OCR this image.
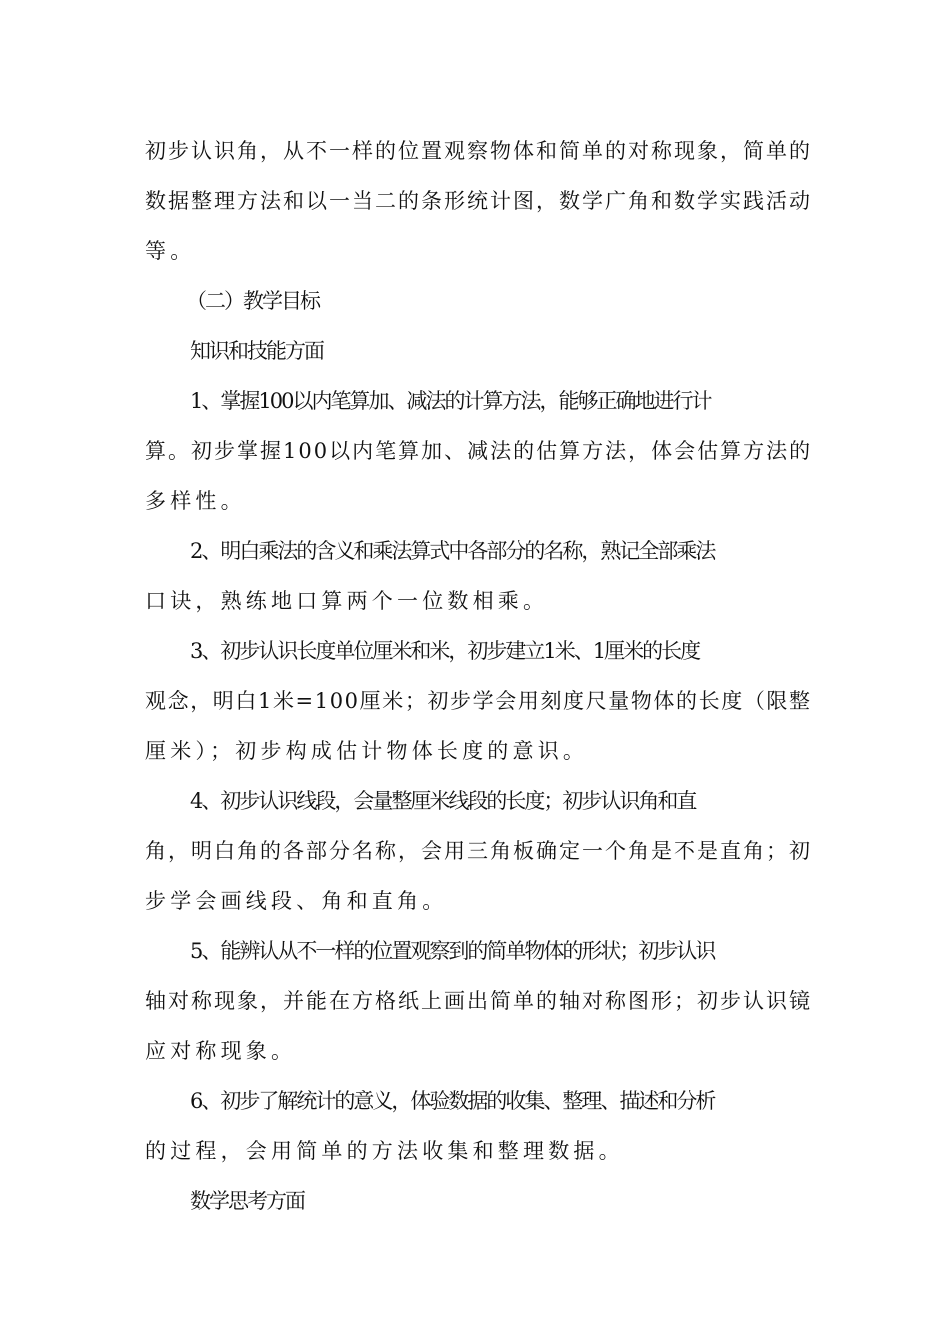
初步认识角，从不一样的位置观察物体和简单的对称现象，简单的
数据整理方法和以一当二的条形统计图，数学广角和数学实践活动
等。
（二）教学目标
知识和技能方面
1、掌握100以内笔算加、减法的计算方法，能够正确地进行计
算。初步掌握100以内笔算加、减法的估算方法，体会估算方法的
多样性。
2、明白乘法的含义和乘法算式中各部分的名称，熟记全部乘法
口诀，熟练地口算两个一位数相乘。
3、初步认识长度单位厘米和米，初步建立1米、1厘米的长度
观念，明白1米=100厘米；初步学会用刻度尺量物体的长度（限整
厘米）；初步构成估计物体长度的意识。
4、初步认识线段，会量整厘米线段的长度；初步认识角和直
角，明白角的各部分名称，会用三角板确定一个角是不是直角；初
步学会画线段、角和直角。
5、能辨认从不一样的位置观察到的简单物体的形状；初步认识
轴对称现象，并能在方格纸上画出简单的轴对称图形；初步认识镜
应对称现象。
6、初步了解统计的意义，体验数据的收集、整理、描述和分析
的过程，会用简单的方法收集和整理数据。
数学思考方面
